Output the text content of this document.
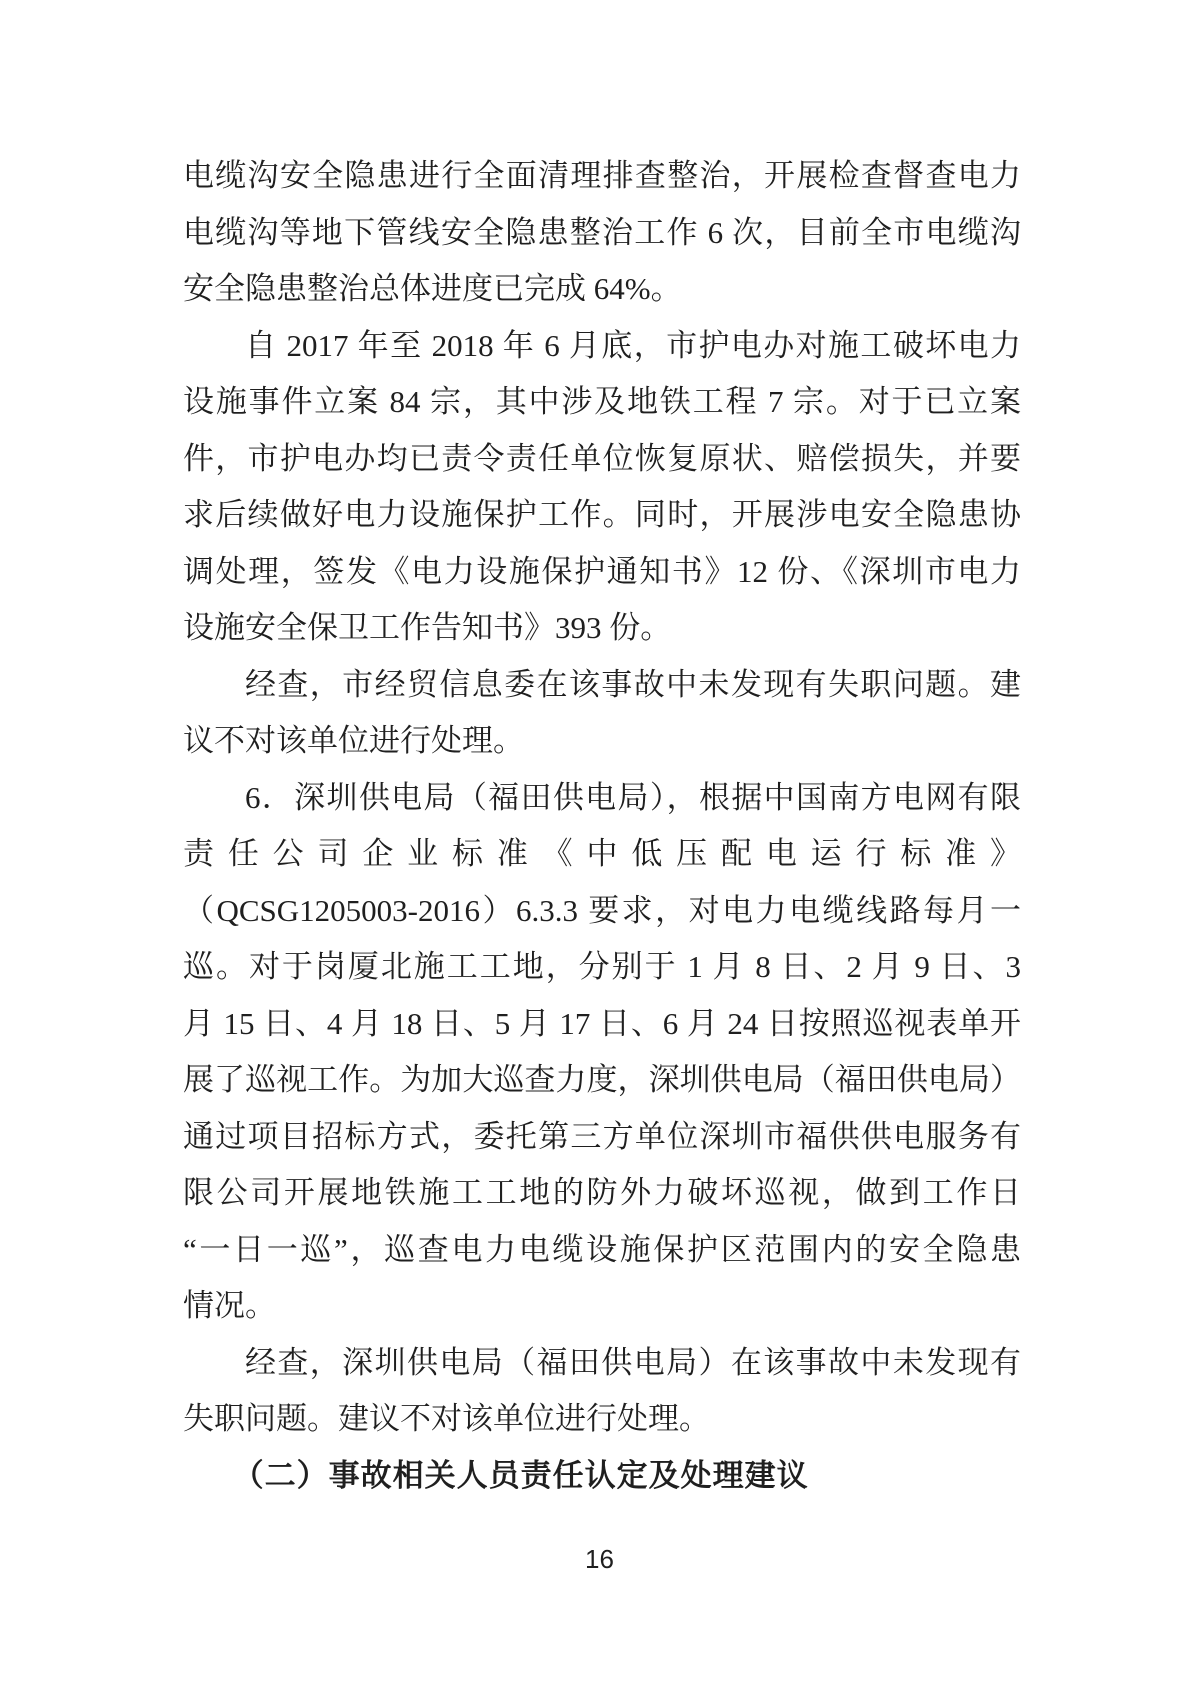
电缆沟安全隐患进行全面清理排查整治，开展检查督查电力
电缆沟等地下管线安全隐患整治工作 6 次，目前全市电缆沟
安全隐患整治总体进度已完成 64%。
自 2017 年至 2018 年 6 月底，市护电办对施工破坏电力
设施事件立案 84 宗，其中涉及地铁工程 7 宗。对于已立案
件，市护电办均已责令责任单位恢复原状、赔偿损失，并要
求后续做好电力设施保护工作。同时，开展涉电安全隐患协
调处理，签发《电力设施保护通知书》12 份、《深圳市电力
设施安全保卫工作告知书》393 份。
经查，市经贸信息委在该事故中未发现有失职问题。建
议不对该单位进行处理。
6．深圳供电局（福田供电局），根据中国南方电网有限
责任公司企业标准《中低压配电运行标准》
（QCSG1205003-2016）6.3.3 要求，对电力电缆线路每月一
巡。对于岗厦北施工工地，分别于 1 月 8 日、2 月 9 日、3
月 15 日、4 月 18 日、5 月 17 日、6 月 24 日按照巡视表单开
展了巡视工作。为加大巡查力度，深圳供电局（福田供电局）
通过项目招标方式，委托第三方单位深圳市福供供电服务有
限公司开展地铁施工工地的防外力破坏巡视，做到工作日
“一日一巡”，巡查电力电缆设施保护区范围内的安全隐患
情况。
经查，深圳供电局（福田供电局）在该事故中未发现有
失职问题。建议不对该单位进行处理。
（二）事故相关人员责任认定及处理建议
16
